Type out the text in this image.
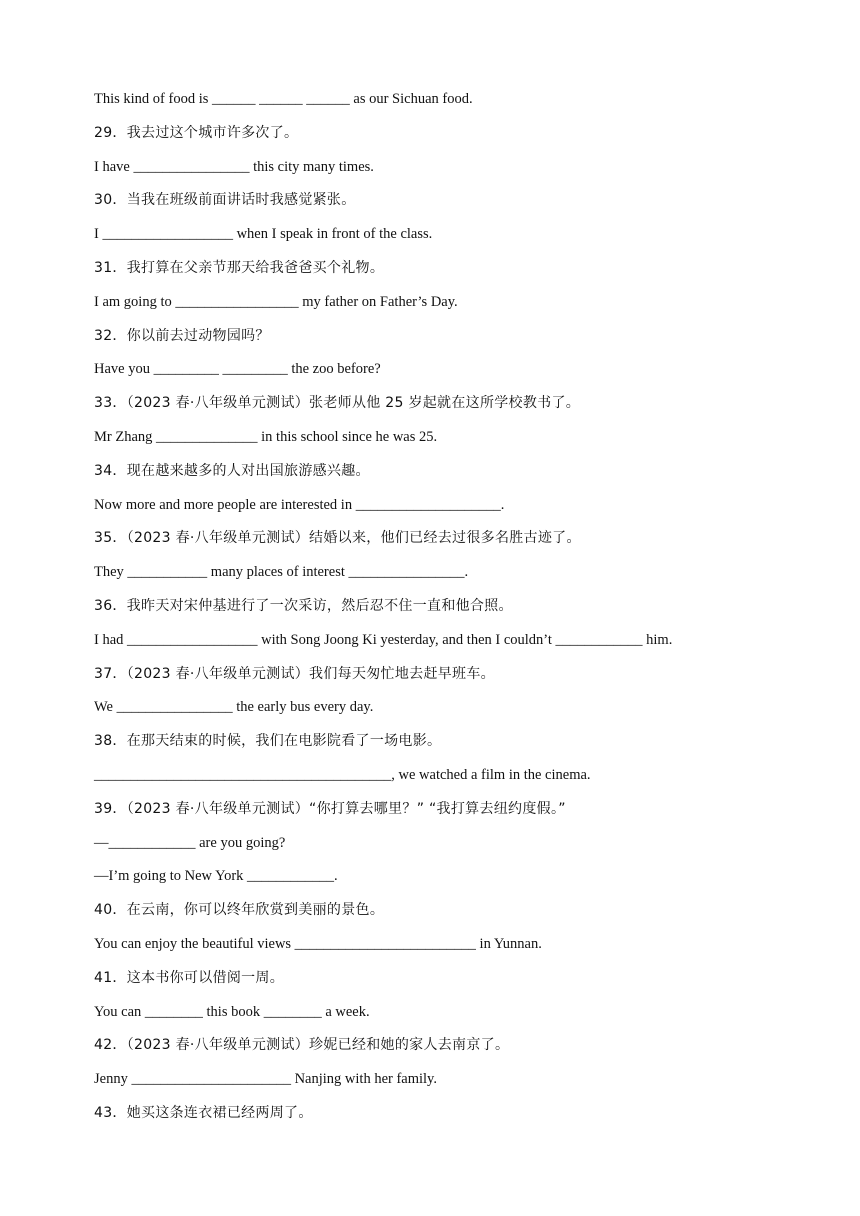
This kind of food is ______ ______ ______ as our Sichuan food.
29．我去过这个城市许多次了。
I have ________________ this city many times.
30．当我在班级前面讲话时我感觉紧张。
I __________________ when I speak in front of the class.
31．我打算在父亲节那天给我爸爸买个礼物。
I am going to _________________ my father on Father’s Day.
32．你以前去过动物园吗？
Have you _________ _________ the zoo before?
33．（2023 春·八年级单元测试）张老师从他 25 岁起就在这所学校教书了。
Mr Zhang ______________ in this school since he was 25.
34．现在越来越多的人对出国旅游感兴趣。
Now more and more people are interested in ____________________.
35．（2023 春·八年级单元测试）结婚以来，他们已经去过很多名胜古迹了。
They ___________ many places of interest ________________.
36．我昨天对宋仲基进行了一次采访，然后忍不住一直和他合照。
I had __________________ with Song Joong Ki yesterday, and then I couldn’t ____________ him.
37．（2023 春·八年级单元测试）我们每天匆忙地去赶早班车。
We ________________ the early bus every day.
38．在那天结束的时候，我们在电影院看了一场电影。
_________________________________________, we watched a film in the cinema.
39．（2023 春·八年级单元测试）“你打算去哪里？” “我打算去纽约度假。”
—____________ are you going?
—I’m going to New York ____________.
40．在云南，你可以终年欣赏到美丽的景色。
You can enjoy the beautiful views _________________________ in Yunnan.
41．这本书你可以借阅一周。
You can ________ this book ________ a week.
42．（2023 春·八年级单元测试）珍妮已经和她的家人去南京了。
Jenny ______________________ Nanjing with her family.
43．她买这条连衣裙已经两周了。
